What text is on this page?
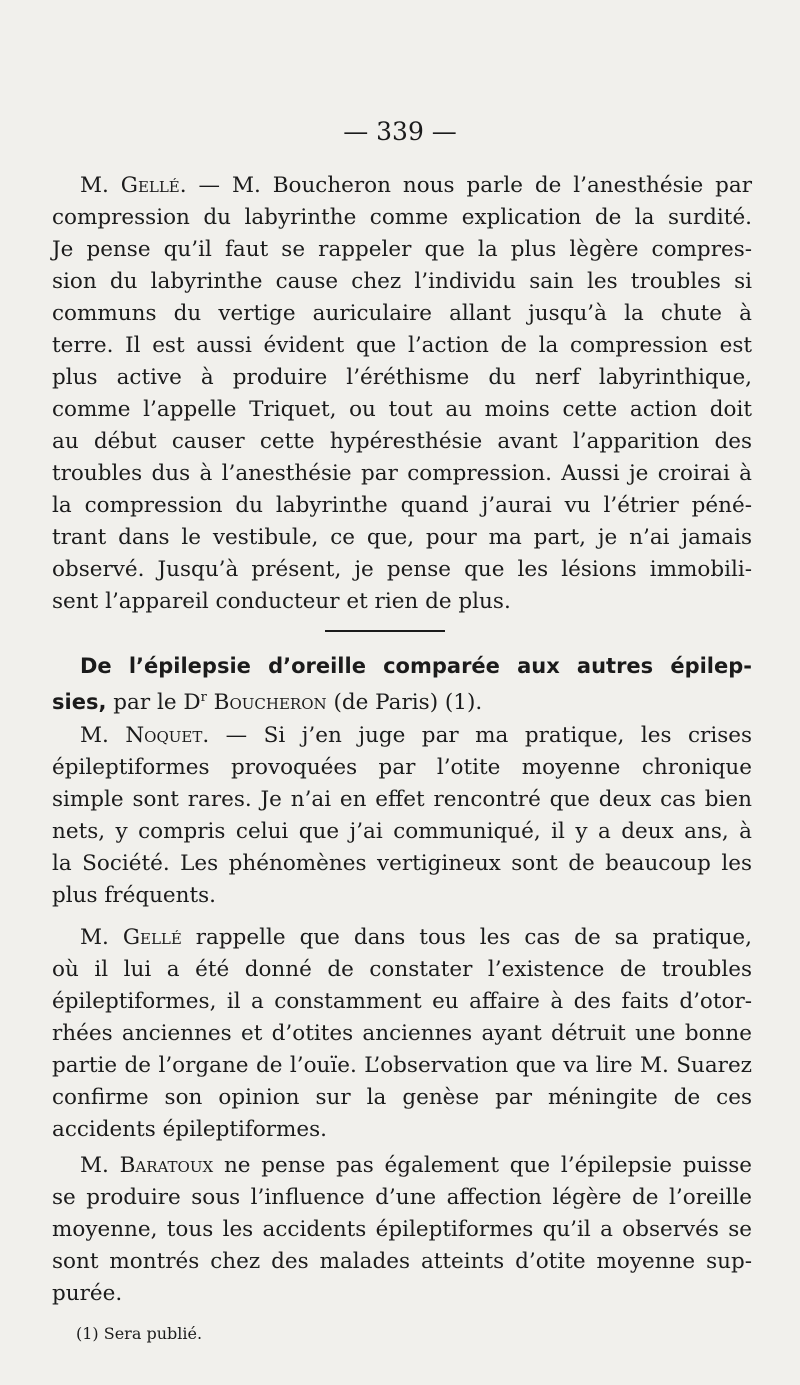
— 339 —
M. Gellé. — M. Boucheron nous parle de l’anesthésie par
compression du labyrinthe comme explication de la surdité.
Je pense qu’il faut se rappeler que la plus lègère compres-
sion du labyrinthe cause chez l’individu sain les troubles si
communs du vertige auriculaire allant jusqu’à la chute à
terre. Il est aussi évident que l’action de la compression est
plus active à produire l’éréthisme du nerf labyrinthique,
comme l’appelle Triquet, ou tout au moins cette action doit
au début causer cette hypéresthésie avant l’apparition des
troubles dus à l’anesthésie par compression. Aussi je croirai à
la compression du labyrinthe quand j’aurai vu l’étrier péné-
trant dans le vestibule, ce que, pour ma part, je n’ai jamais
observé. Jusqu’à présent, je pense que les lésions immobili-
sent l’appareil conducteur et rien de plus.
De l’épilepsie d’oreille comparée aux autres épilep-
sies, par le $D^r$ Boucheron (de Paris) (1).
M. Noquet. — Si j’en juge par ma pratique, les crises
épileptiformes provoquées par l’otite moyenne chronique
simple sont rares. Je n’ai en effet rencontré que deux cas bien
nets, y compris celui que j’ai communiqué, il y a deux ans, à
la Société. Les phénomènes vertigineux sont de beaucoup les
plus fréquents.
M. Gellé rappelle que dans tous les cas de sa pratique,
où il lui a été donné de constater l’existence de troubles
épileptiformes, il a constamment eu affaire à des faits d’otor-
rhées anciennes et d’otites anciennes ayant détruit une bonne
partie de l’organe de l’ouïe. L’observation que va lire M. Suarez
confirme son opinion sur la genèse par méningite de ces
accidents épileptiformes.
M. Baratoux ne pense pas également que l’épilepsie puisse
se produire sous l’influence d’une affection légère de l’oreille
moyenne, tous les accidents épileptiformes qu’il a observés se
sont montrés chez des malades atteints d’otite moyenne sup-
purée.
(1) Sera publié.
